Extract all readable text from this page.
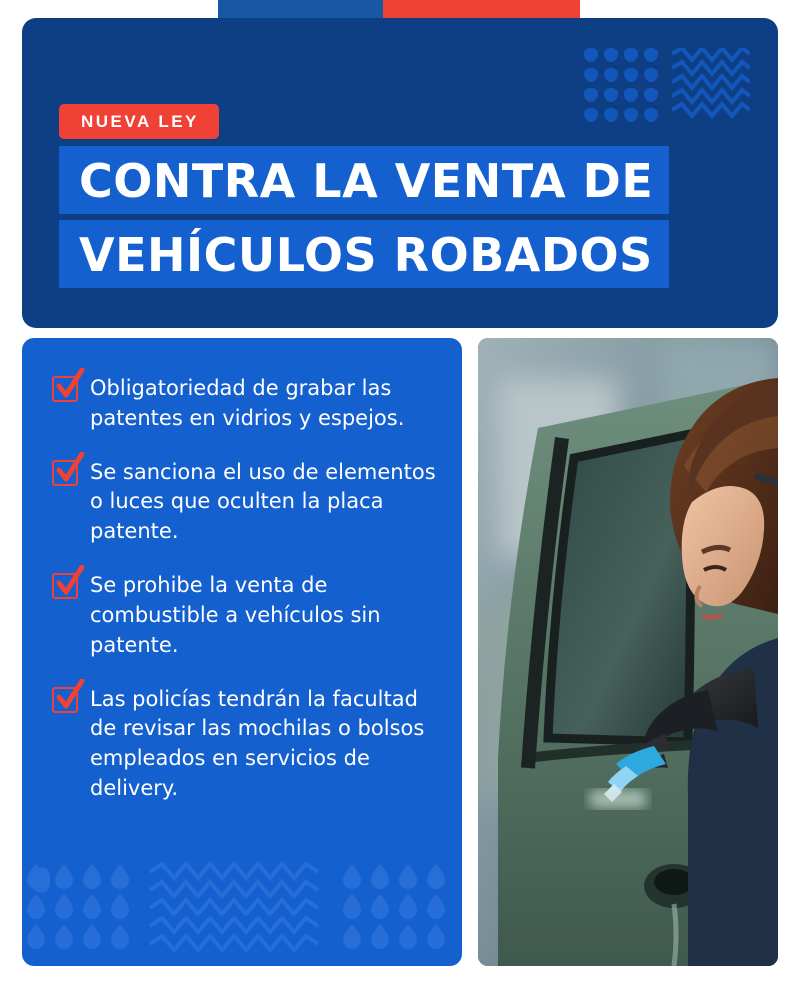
NUEVA LEY
CONTRA LA VENTA DE
VEHÍCULOS ROBADOS
Obligatoriedad de grabar las patentes en vidrios y espejos.
Se sanciona el uso de elementos o luces que oculten la placa patente.
Se prohibe la venta de combustible a vehículos sin patente.
Las policías tendrán la facultad de revisar las mochilas o bolsos empleados en servicios de delivery.
